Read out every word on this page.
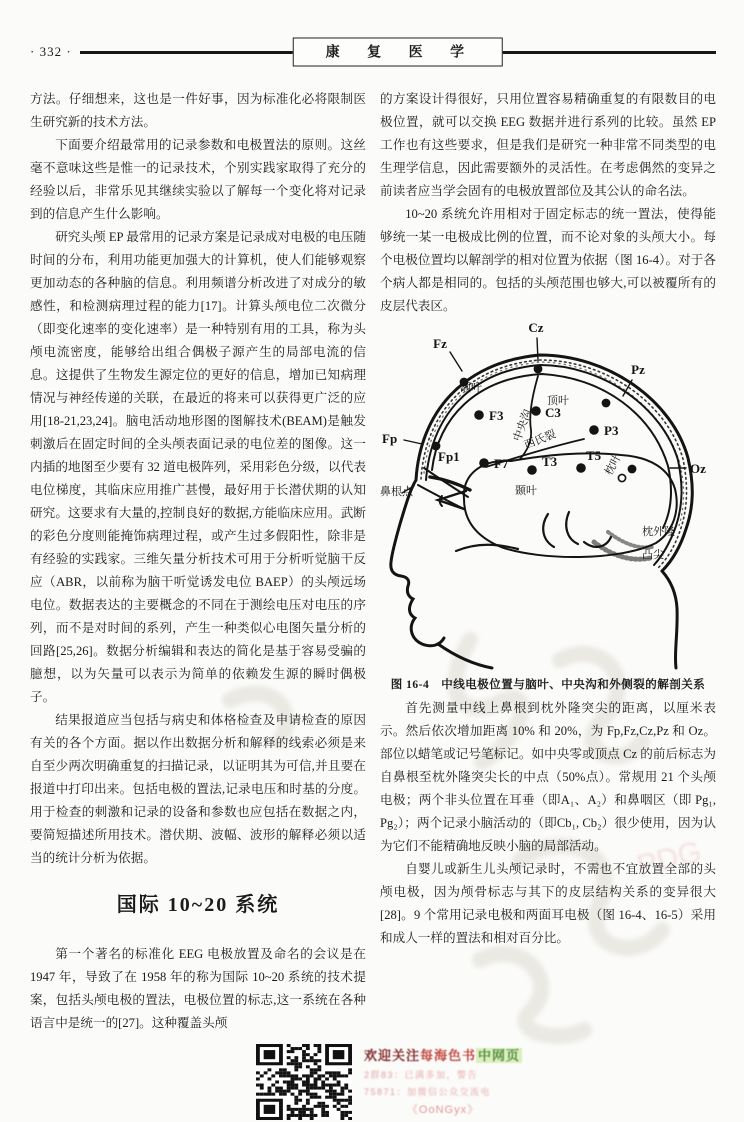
PDG
· 332 ·	康 复 医 学

方法。仔细想来，这也是一件好事，因为标准化必将限制医生研究新的技术方法。

下面要介绍最常用的记录参数和电极置法的原则。这丝毫不意味这些是惟一的记录技术，个别实践家取得了充分的经验以后，非常乐见其继续实验以了解每一个变化将对记录到的信息产生什么影响。

研究头颅 EP 最常用的记录方案是记录成对电极的电压随时间的分布，利用功能更加强大的计算机，使人们能够观察更加动态的各种脑的信息。利用频谱分析改进了对成分的敏感性，和检测病理过程的能力[17]。计算头颅电位二次微分（即变化速率的变化速率）是一种特别有用的工具，称为头颅电流密度，能够给出组合偶极子源产生的局部电流的信息。这提供了生物发生源定位的更好的信息，增加已知病理情况与神经传递的关联，在最近的将来可以获得更广泛的应用[18-21,23,24]。脑电活动地形图的图解技术(BEAM)是触发刺激后在固定时间的全头颅表面记录的电位差的图像。这一内插的地图至少要有 32 道电极阵列，采用彩色分级，以代表电位梯度，其临床应用推广甚慢，最好用于长潜伏期的认知研究。这要求有大量的,控制良好的数据,方能临床应用。武断的彩色分度则能掩饰病理过程，或产生过多假阳性，除非是有经验的实践家。三维矢量分析技术可用于分析听觉脑干反应（ABR，以前称为脑干听觉诱发电位 BAEP）的头颅远场电位。数据表达的主要概念的不同在于测绘电压对电压的序列，而不是对时间的系列，产生一种类似心电图矢量分析的回路[25,26]。数据分析编辑和表达的简化是基于容易受骗的臆想，以为矢量可以表示为简单的依赖发生源的瞬时偶极子。

结果报道应当包括与病史和体格检查及申请检查的原因有关的各个方面。据以作出数据分析和解释的线索必须是来自至少两次明确重复的扫描记录，以证明其为可信,并且要在报道中打印出来。包括电极的置法,记录电压和时基的分度。用于检查的刺激和记录的设备和参数也应包括在数据之内，要简短描述所用技术。潜伏期、波幅、波形的解释必须以适当的统计分析为依据。

国际 10~20 系统

第一个著名的标准化 EEG 电极放置及命名的会议是在 1947 年，导致了在 1958 年的称为国际 10~20 系统的技术提案，包括头颅电极的置法，电极位置的标志,这一系统在各种语言中是统一的[27]。这种覆盖头颅

的方案设计得很好，只用位置容易精确重复的有限数目的电极位置，就可以交换 EEG 数据并进行系列的比较。虽然 EP 工作也有这些要求，但是我们是研究一种非常不同类型的电生理学信息，因此需要额外的灵活性。在考虑偶然的变异之前读者应当学会固有的电极放置部位及其公认的命名法。

10~20 系统允许用相对于固定标志的统一置法，使得能够统一某一电极成比例的位置，而不论对象的头颅大小。每个电极位置均以解剖学的相对位置为依据（图 16-4）。对于各个病人都是相同的。包括的头颅范围也够大,可以被覆所有的皮层代表区。

Cz
Fz
Pz
Fp
Oz
F3	C3
P3
F7	T3 T5
Fp1
额叶
顶叶
颞叶
枕叶
中央沟
西氏裂
鼻根点
枕外隆
凸尖
图 16-4　中线电极位置与脑叶、中央沟和外侧裂的解剖关系

首先测量中线上鼻根到枕外隆突尖的距离，以厘米表示。然后依次增加距离 10% 和 20%，为 Fp,Fz,Cz,Pz 和 Oz。部位以蜡笔或记号笔标记。如中央零或顶点 Cz 的前后标志为自鼻根至枕外隆突尖长的中点（50%点）。常规用 21 个头颅电极；两个非头位置在耳垂（即A₁、A₂）和鼻咽区（即 Pg₁, Pg₂）；两个记录小脑活动的（即Cb₁, Cb₂）很少使用，因为认为它们不能精确地反映小脑的局部活动。

自婴儿或新生儿头颅记录时，不需也不宜放置全部的头颅电极，因为颅骨标志与其下的皮层结构关系的变异很大 [28]。9 个常用记录电极和两面耳电极（图 16-4、16-5）采用和成人一样的置法和相对百分比。

欢迎关注每海色书 中网页
2群83：已满多加，警告
75871：加微信公众交流电
《OoNGyx》
